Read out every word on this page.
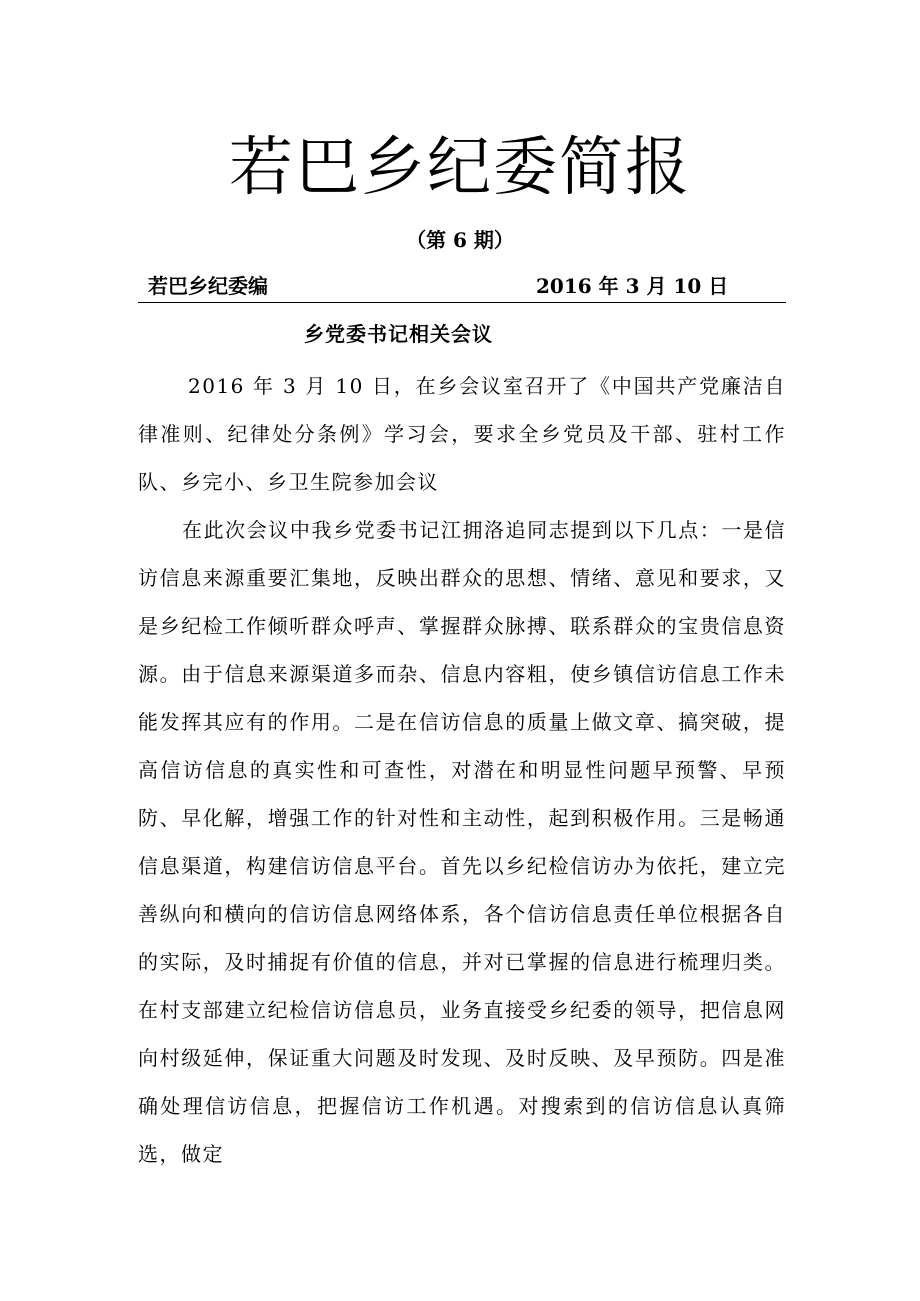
若巴乡纪委简报
（第 6 期）
若巴乡纪委编	2016 年 3 月 10 日
乡党委书记相关会议

2016 年 3 月 10 日，在乡会议室召开了《中国共产党廉洁自律准则、纪律处分条例》学习会，要求全乡党员及干部、驻村工作队、乡完小、乡卫生院参加会议

在此次会议中我乡党委书记江拥洛追同志提到以下几点：一是信访信息来源重要汇集地，反映出群众的思想、情绪、意见和要求，又是乡纪检工作倾听群众呼声、掌握群众脉搏、联系群众的宝贵信息资源。由于信息来源渠道多而杂、信息内容粗，使乡镇信访信息工作未能发挥其应有的作用。二是在信访信息的质量上做文章、搞突破，提高信访信息的真实性和可查性，对潜在和明显性问题早预警、早预防、早化解，增强工作的针对性和主动性，起到积极作用。三是畅通信息渠道，构建信访信息平台。首先以乡纪检信访办为依托，建立完善纵向和横向的信访信息网络体系，各个信访信息责任单位根据各自的实际，及时捕捉有价值的信息，并对已掌握的信息进行梳理归类。在村支部建立纪检信访信息员，业务直接受乡纪委的领导，把信息网向村级延伸，保证重大问题及时发现、及时反映、及早预防。四是准确处理信访信息，把握信访工作机遇。对搜索到的信访信息认真筛选，做定
